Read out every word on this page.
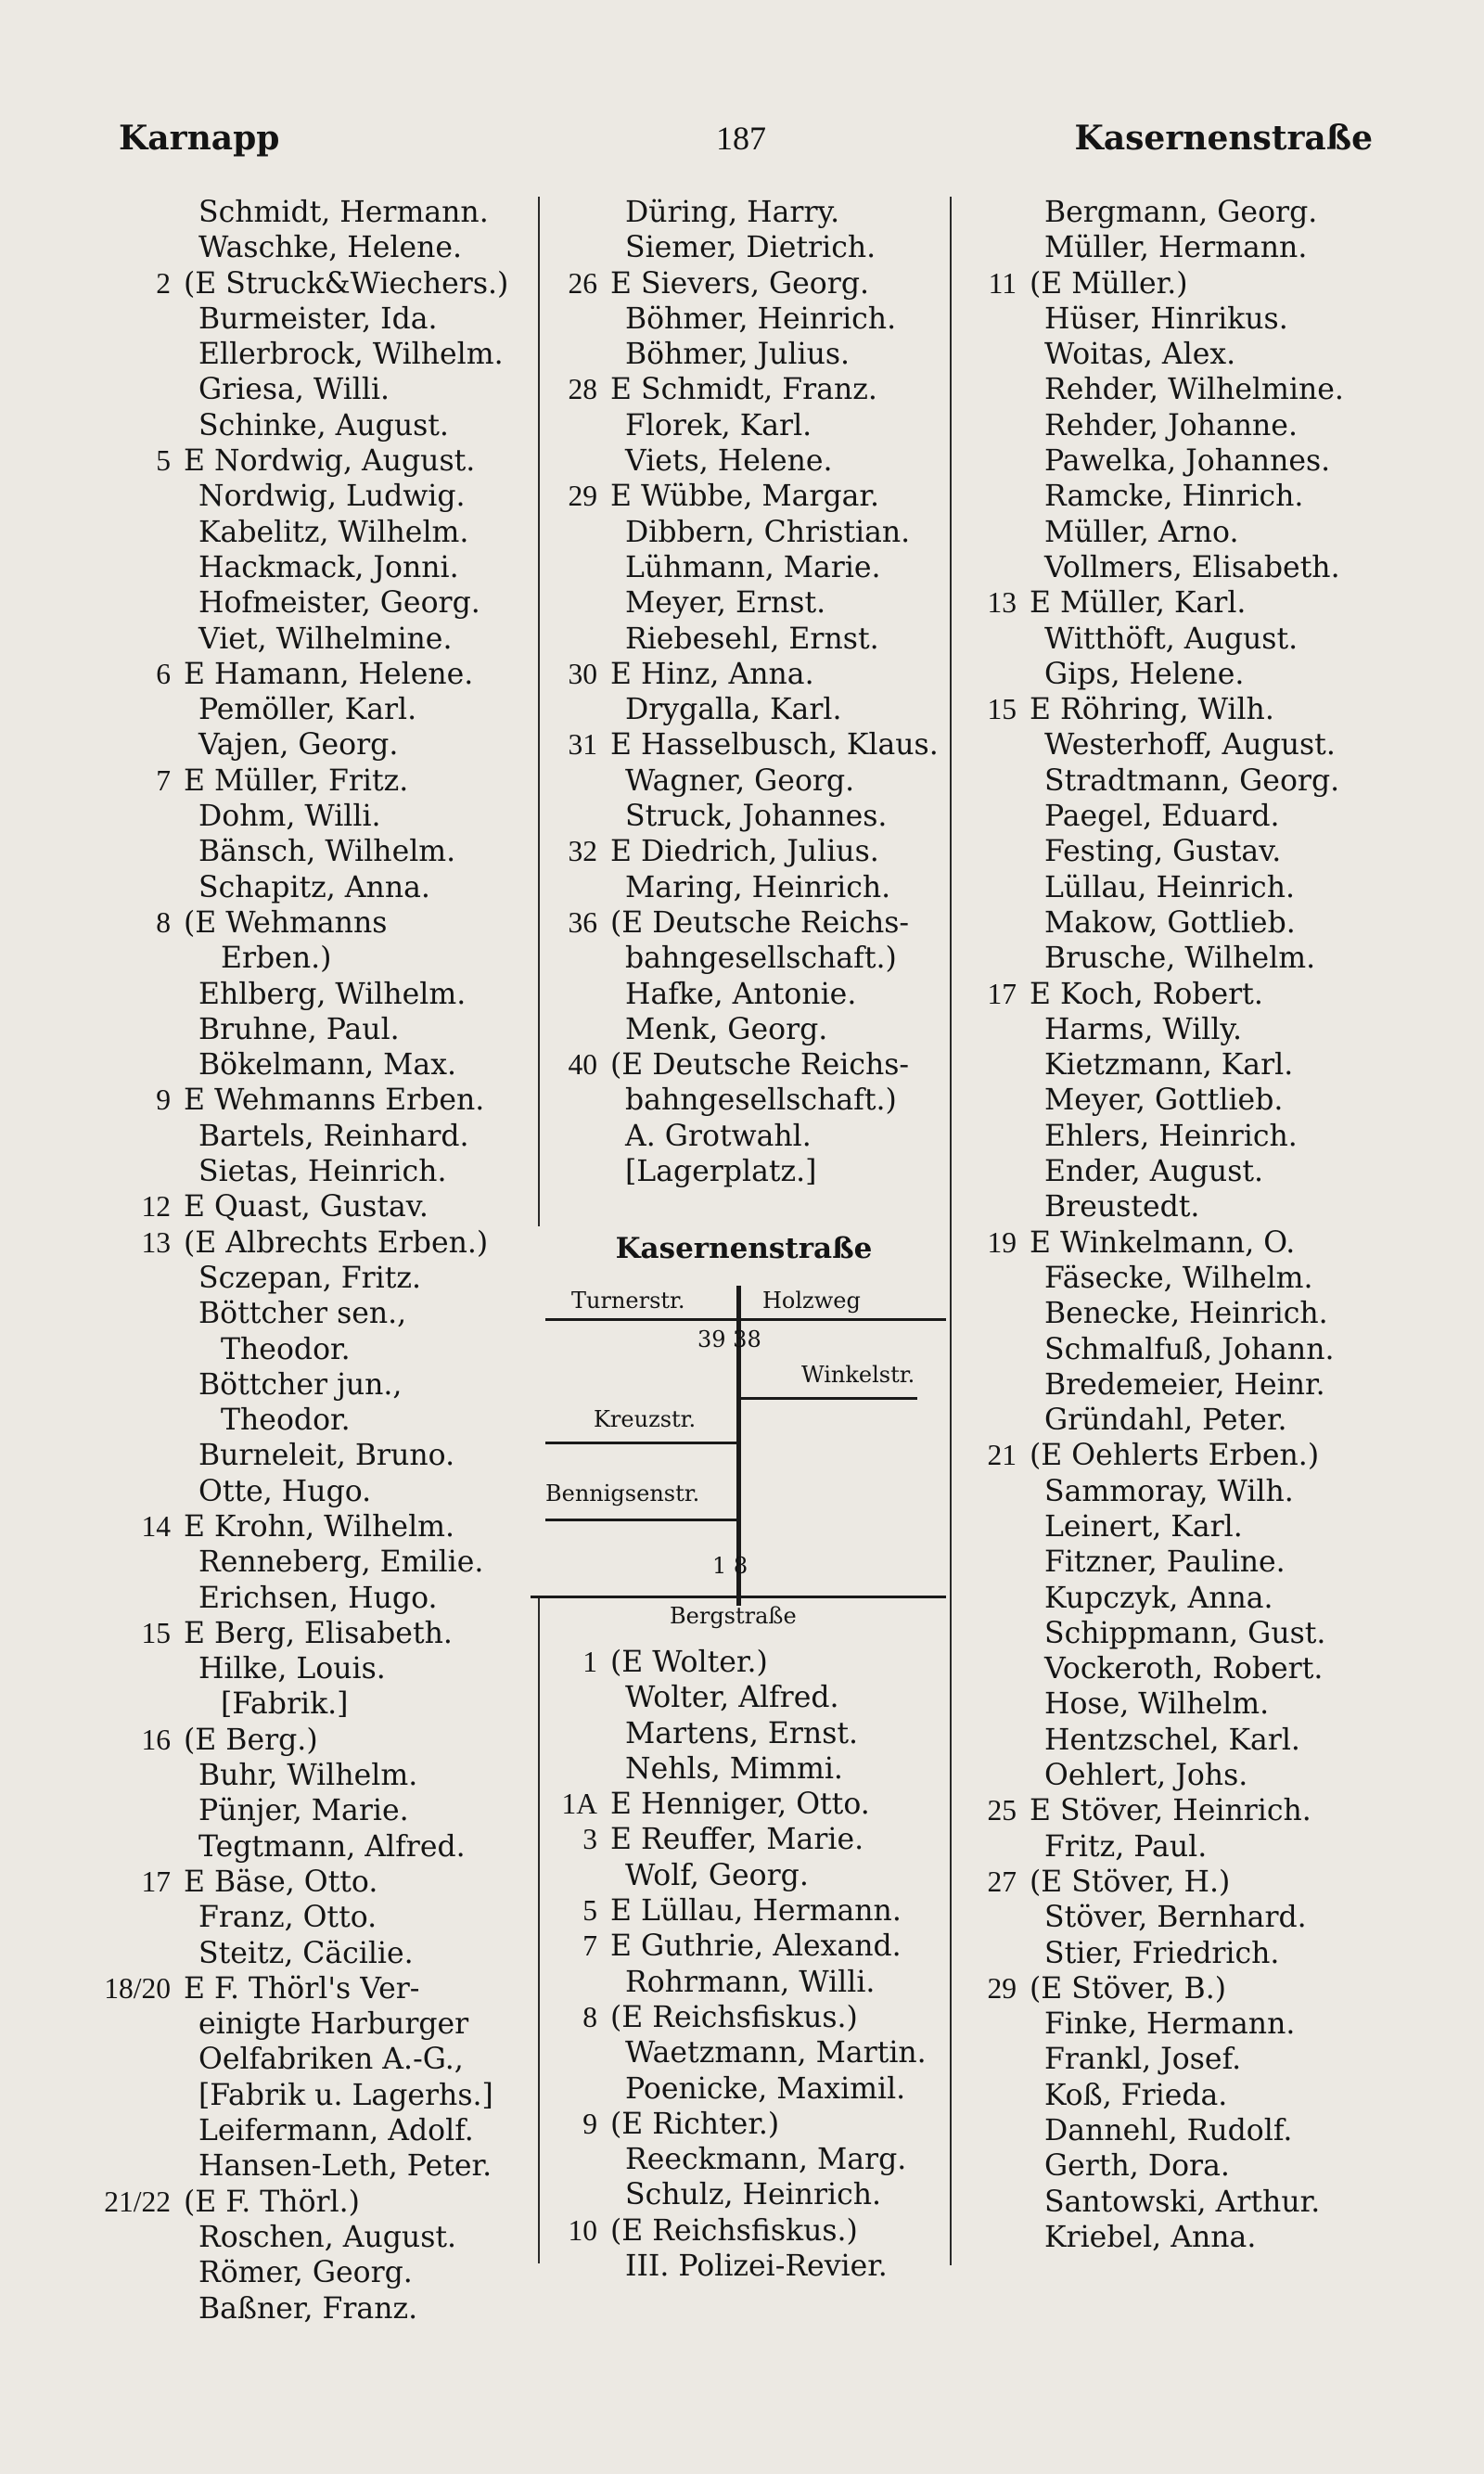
Karnapp	187	Kasernenstraße
Schmidt, Hermann.
Waschke, Helene.
2 (E Struck&Wiechers.)
Burmeister, Ida.
Ellerbrock, Wilhelm.
Griesa, Willi.
Schinke, August.
5 E Nordwig, August.
Nordwig, Ludwig.
Kabelitz, Wilhelm.
Hackmack, Jonni.
Hofmeister, Georg.
Viet, Wilhelmine.
6 E Hamann, Helene.
Pemöller, Karl.
Vajen, Georg.
7 E Müller, Fritz.
Dohm, Willi.
Bänsch, Wilhelm.
Schapitz, Anna.
8 (E Wehmanns
Erben.)
Ehlberg, Wilhelm.
Bruhne, Paul.
Bökelmann, Max.
9 E Wehmanns Erben.
Bartels, Reinhard.
Sietas, Heinrich.
12 E Quast, Gustav.
13 (E Albrechts Erben.)
Sczepan, Fritz.
Böttcher sen.,
Theodor.
Böttcher jun.,
Theodor.
Burneleit, Bruno.
Otte, Hugo.
14 E Krohn, Wilhelm.
Renneberg, Emilie.
Erichsen, Hugo.
15 E Berg, Elisabeth.
Hilke, Louis.
[Fabrik.]
16 (E Berg.)
Buhr, Wilhelm.
Pünjer, Marie.
Tegtmann, Alfred.
17 E Bäse, Otto.
Franz, Otto.
Steitz, Cäcilie.
18/20 E F. Thörl's Ver-
einigte Harburger
Oelfabriken A.-G.,
[Fabrik u. Lagerhs.]
Leifermann, Adolf.
Hansen-Leth, Peter.
21/22 (E F. Thörl.)
Roschen, August.
Römer, Georg.
Baßner, Franz.
Düring, Harry.
Siemer, Dietrich.
26 E Sievers, Georg.
Böhmer, Heinrich.
Böhmer, Julius.
28 E Schmidt, Franz.
Florek, Karl.
Viets, Helene.
29 E Wübbe, Margar.
Dibbern, Christian.
Lühmann, Marie.
Meyer, Ernst.
Riebesehl, Ernst.
30 E Hinz, Anna.
Drygalla, Karl.
31 E Hasselbusch, Klaus.
Wagner, Georg.
Struck, Johannes.
32 E Diedrich, Julius.
Maring, Heinrich.
36 (E Deutsche Reichs-
bahngesellschaft.)
Hafke, Antonie.
Menk, Georg.
40 (E Deutsche Reichs-
bahngesellschaft.)
A. Grotwahl.
[Lagerplatz.]
1 (E Wolter.)
Wolter, Alfred.
Martens, Ernst.
Nehls, Mimmi.
1A E Henniger, Otto.
3 E Reuffer, Marie.
Wolf, Georg.
5 E Lüllau, Hermann.
7 E Guthrie, Alexand.
Rohrmann, Willi.
8 (E Reichsfiskus.)
Waetzmann, Martin.
Poenicke, Maximil.
9 (E Richter.)
Reeckmann, Marg.
Schulz, Heinrich.
10 (E Reichsfiskus.)
III. Polizei-Revier.
Bergmann, Georg.
Müller, Hermann.
11 (E Müller.)
Hüser, Hinrikus.
Woitas, Alex.
Rehder, Wilhelmine.
Rehder, Johanne.
Pawelka, Johannes.
Ramcke, Hinrich.
Müller, Arno.
Vollmers, Elisabeth.
13 E Müller, Karl.
Witthöft, August.
Gips, Helene.
15 E Röhring, Wilh.
Westerhoff, August.
Stradtmann, Georg.
Paegel, Eduard.
Festing, Gustav.
Lüllau, Heinrich.
Makow, Gottlieb.
Brusche, Wilhelm.
17 E Koch, Robert.
Harms, Willy.
Kietzmann, Karl.
Meyer, Gottlieb.
Ehlers, Heinrich.
Ender, August.
Breustedt.
19 E Winkelmann, O.
Fäsecke, Wilhelm.
Benecke, Heinrich.
Schmalfuß, Johann.
Bredemeier, Heinr.
Gründahl, Peter.
21 (E Oehlerts Erben.)
Sammoray, Wilh.
Leinert, Karl.
Fitzner, Pauline.
Kupczyk, Anna.
Schippmann, Gust.
Vockeroth, Robert.
Hose, Wilhelm.
Hentzschel, Karl.
Oehlert, Johs.
25 E Stöver, Heinrich.
Fritz, Paul.
27 (E Stöver, H.)
Stöver, Bernhard.
Stier, Friedrich.
29 (E Stöver, B.)
Finke, Hermann.
Frankl, Josef.
Koß, Frieda.
Dannehl, Rudolf.
Gerth, Dora.
Santowski, Arthur.
Kriebel, Anna.
Kasernenstraße
Turnerstr.	Holzweg
39 38
Winkelstr.
Kreuzstr.
Bennigsenstr.
1 8
Bergstraße
